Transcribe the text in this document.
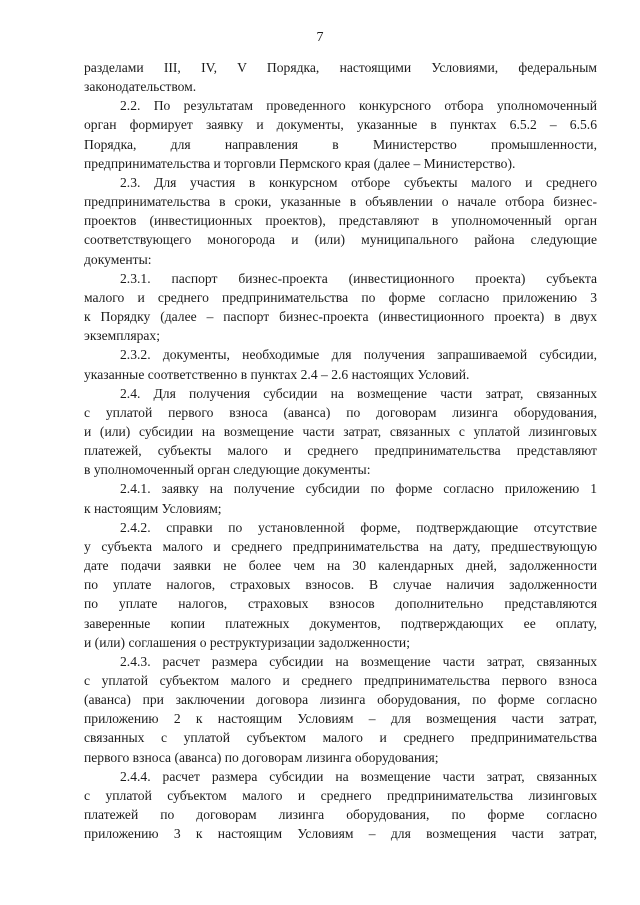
7
разделами III, IV, V Порядка, настоящими Условиями, федеральным
законодательством.
2.2. По результатам проведенного конкурсного отбора уполномоченный
орган формирует заявку и документы, указанные в пунктах 6.5.2 – 6.5.6
Порядка, для направления в Министерство промышленности,
предпринимательства и торговли Пермского края (далее – Министерство).
2.3. Для участия в конкурсном отборе субъекты малого и среднего
предпринимательства в сроки, указанные в объявлении о начале отбора бизнес-
проектов (инвестиционных проектов), представляют в уполномоченный орган
соответствующего моногорода и (или) муниципального района следующие
документы:
2.3.1. паспорт бизнес-проекта (инвестиционного проекта) субъекта
малого и среднего предпринимательства по форме согласно приложению 3
к Порядку (далее – паспорт бизнес-проекта (инвестиционного проекта) в двух
экземплярах;
2.3.2. документы, необходимые для получения запрашиваемой субсидии,
указанные соответственно в пунктах 2.4 – 2.6 настоящих Условий.
2.4. Для получения субсидии на возмещение части затрат, связанных
с уплатой первого взноса (аванса) по договорам лизинга оборудования,
и (или) субсидии на возмещение части затрат, связанных с уплатой лизинговых
платежей, субъекты малого и среднего предпринимательства представляют
в уполномоченный орган следующие документы:
2.4.1. заявку на получение субсидии по форме согласно приложению 1
к настоящим Условиям;
2.4.2. справки по установленной форме, подтверждающие отсутствие
у субъекта малого и среднего предпринимательства на дату, предшествующую
дате подачи заявки не более чем на 30 календарных дней, задолженности
по уплате налогов, страховых взносов. В случае наличия задолженности
по уплате налогов, страховых взносов дополнительно представляются
заверенные копии платежных документов, подтверждающих ее оплату,
и (или) соглашения о реструктуризации задолженности;
2.4.3. расчет размера субсидии на возмещение части затрат, связанных
с уплатой субъектом малого и среднего предпринимательства первого взноса
(аванса) при заключении договора лизинга оборудования, по форме согласно
приложению 2 к настоящим Условиям – для возмещения части затрат,
связанных с уплатой субъектом малого и среднего предпринимательства
первого взноса (аванса) по договорам лизинга оборудования;
2.4.4. расчет размера субсидии на возмещение части затрат, связанных
с уплатой субъектом малого и среднего предпринимательства лизинговых
платежей по договорам лизинга оборудования, по форме согласно
приложению 3 к настоящим Условиям – для возмещения части затрат,
